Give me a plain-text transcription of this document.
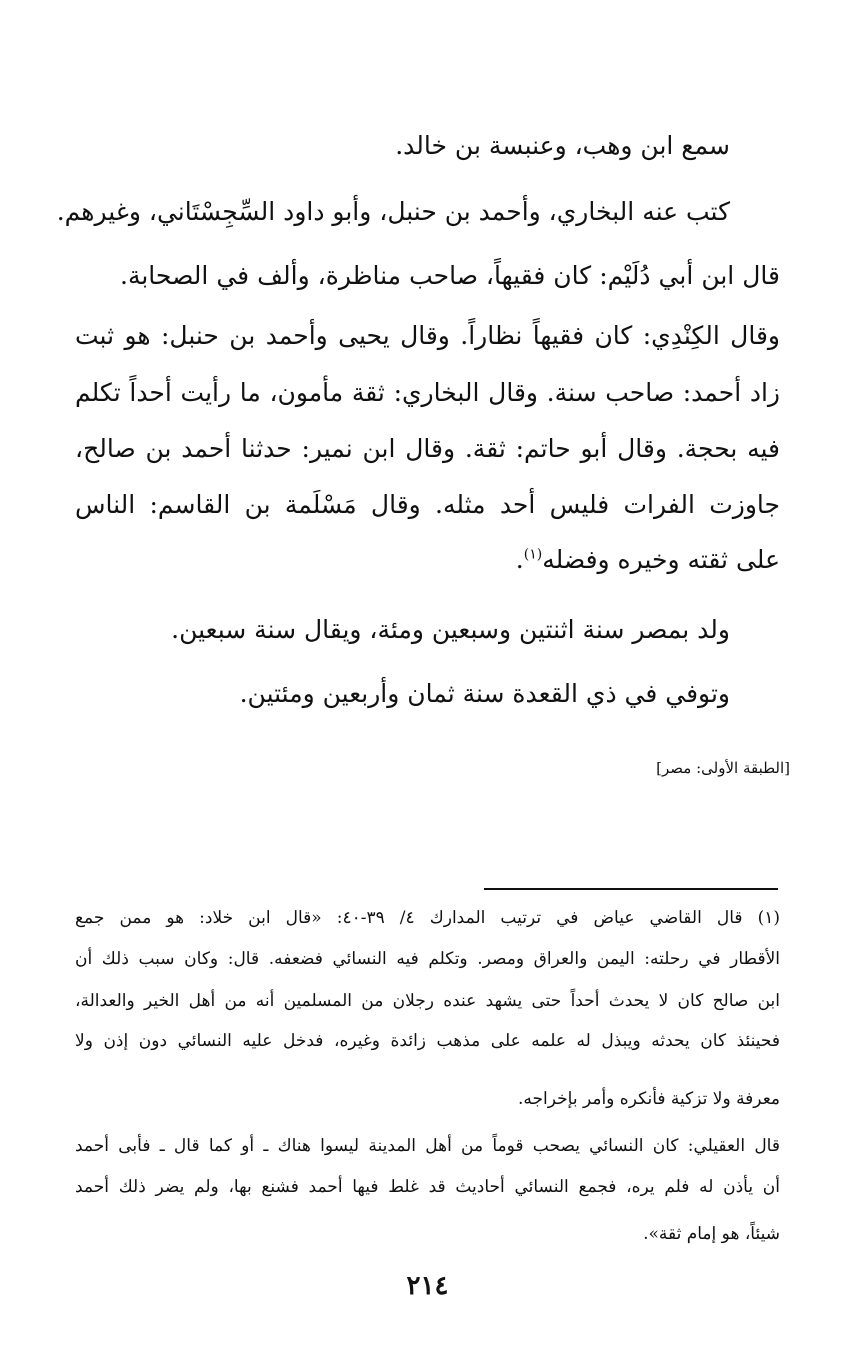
سمع ابن وهب، وعنبسة بن خالد.
كتب عنه البخاري، وأحمد بن حنبل، وأبو داود السِّجِسْتَاني، وغيرهم.
قال ابن أبي دُلَيْم: كان فقيهاً، صاحب مناظرة، وألف في الصحابة.
وقال الكِنْدِي: كان فقيهاً نظاراً. وقال يحيى وأحمد بن حنبل: هو ثبت
زاد أحمد: صاحب سنة. وقال البخاري: ثقة مأمون، ما رأيت أحداً تكلم
فيه بحجة. وقال أبو حاتم: ثقة. وقال ابن نمير: حدثنا أحمد بن صالح،
جاوزت الفرات فليس أحد مثله. وقال مَسْلَمة بن القاسم: الناس
على ثقته وخيره وفضله$^{(١)}$.
ولد بمصر سنة اثنتين وسبعين ومئة، ويقال سنة سبعين.
وتوفي في ذي القعدة سنة ثمان وأربعين ومئتين.
[الطبقة الأولى: مصر]
(١) قال القاضي عياض في ترتيب المدارك ٤/ ٣٩-٤٠: «قال ابن خلاد: هو ممن جمع
الأقطار في رحلته: اليمن والعراق ومصر. وتكلم فيه النسائي فضعفه. قال: وكان سبب ذلك أن
ابن صالح كان لا يحدث أحداً حتى يشهد عنده رجلان من المسلمين أنه من أهل الخير والعدالة،
فحينئذ كان يحدثه ويبذل له علمه على مذهب زائدة وغيره، فدخل عليه النسائي دون إذن ولا
معرفة ولا تزكية فأنكره وأمر بإخراجه.
قال العقيلي: كان النسائي يصحب قوماً من أهل المدينة ليسوا هناك ـ أو كما قال ـ فأبى أحمد
أن يأذن له فلم يره، فجمع النسائي أحاديث قد غلط فيها أحمد فشنع بها، ولم يضر ذلك أحمد
شيئاً، هو إمام ثقة».
٢١٤
